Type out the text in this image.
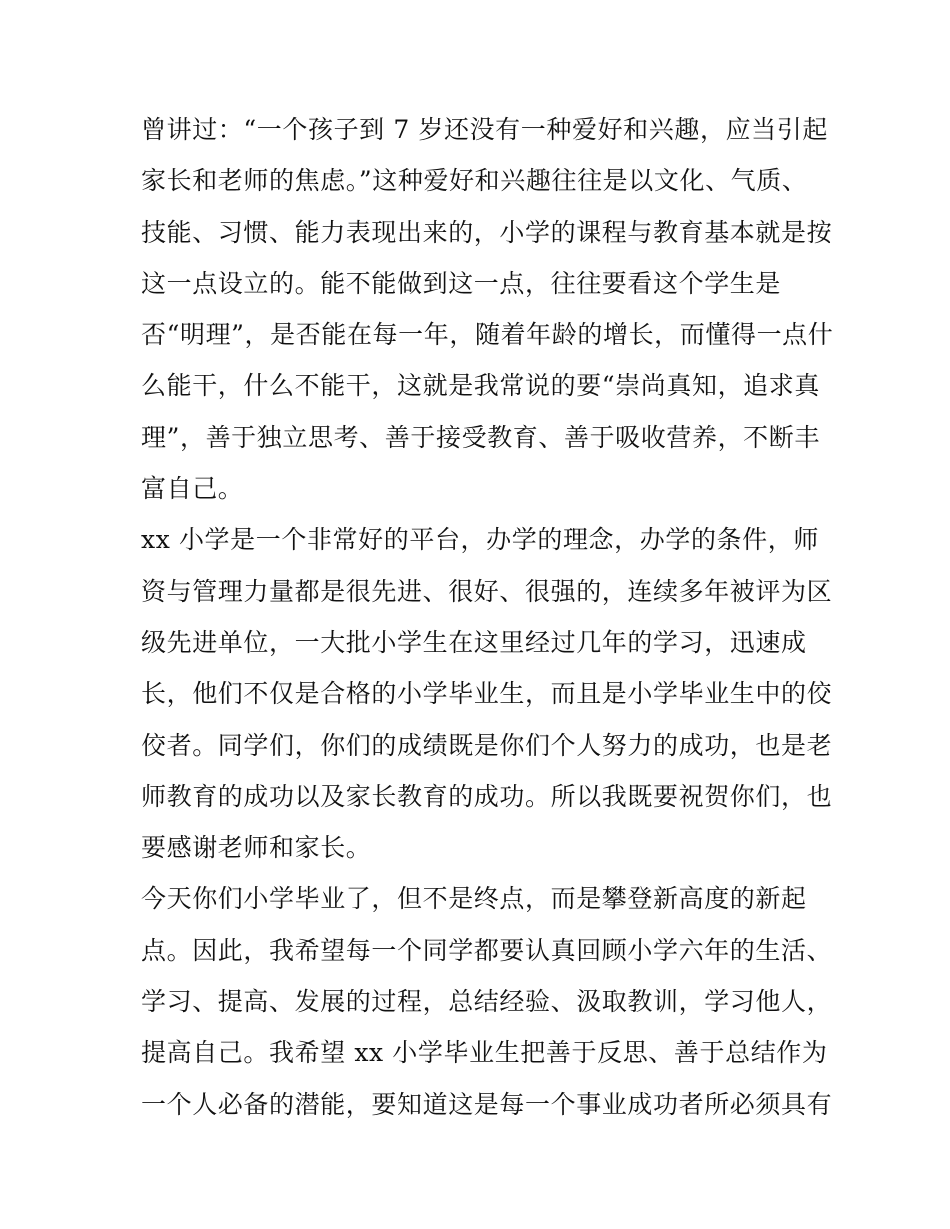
曾讲过：“一个孩子到 7 岁还没有一种爱好和兴趣，应当引起
家长和老师的焦虑。”这种爱好和兴趣往往是以文化、气质、
技能、习惯、能力表现出来的，小学的课程与教育基本就是按
这一点设立的。能不能做到这一点，往往要看这个学生是
否“明理”，是否能在每一年，随着年龄的增长，而懂得一点什
么能干，什么不能干，这就是我常说的要“崇尚真知，追求真
理”，善于独立思考、善于接受教育、善于吸收营养，不断丰
富自己。
xx 小学是一个非常好的平台，办学的理念，办学的条件，师
资与管理力量都是很先进、很好、很强的，连续多年被评为区
级先进单位，一大批小学生在这里经过几年的学习，迅速成
长，他们不仅是合格的小学毕业生，而且是小学毕业生中的佼
佼者。同学们，你们的成绩既是你们个人努力的成功，也是老
师教育的成功以及家长教育的成功。所以我既要祝贺你们，也
要感谢老师和家长。
今天你们小学毕业了，但不是终点，而是攀登新高度的新起
点。因此，我希望每一个同学都要认真回顾小学六年的生活、
学习、提高、发展的过程，总结经验、汲取教训，学习他人，
提高自己。我希望 xx 小学毕业生把善于反思、善于总结作为
一个人必备的潜能，要知道这是每一个事业成功者所必须具有
